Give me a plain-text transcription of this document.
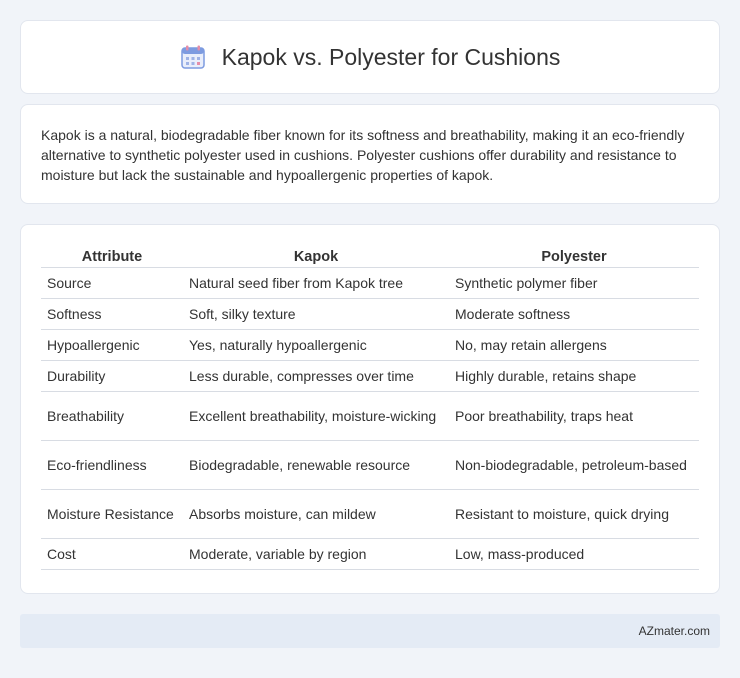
Kapok vs. Polyester for Cushions

Kapok is a natural, biodegradable fiber known for its softness and breathability, making it an eco-friendly alternative to synthetic polyester used in cushions. Polyester cushions offer durability and resistance to moisture but lack the sustainable and hypoallergenic properties of kapok.

Attribute	Kapok	Polyester
Source	Natural seed fiber from Kapok tree	Synthetic polymer fiber
Softness	Soft, silky texture	Moderate softness
Hypoallergenic	Yes, naturally hypoallergenic	No, may retain allergens
Durability	Less durable, compresses over time	Highly durable, retains shape
Breathability	Excellent breathability, moisture-wicking	Poor breathability, traps heat
Eco-friendliness	Biodegradable, renewable resource	Non-biodegradable, petroleum-based
Moisture Resistance	Absorbs moisture, can mildew	Resistant to moisture, quick drying
Cost	Moderate, variable by region	Low, mass-produced
AZmater.com
